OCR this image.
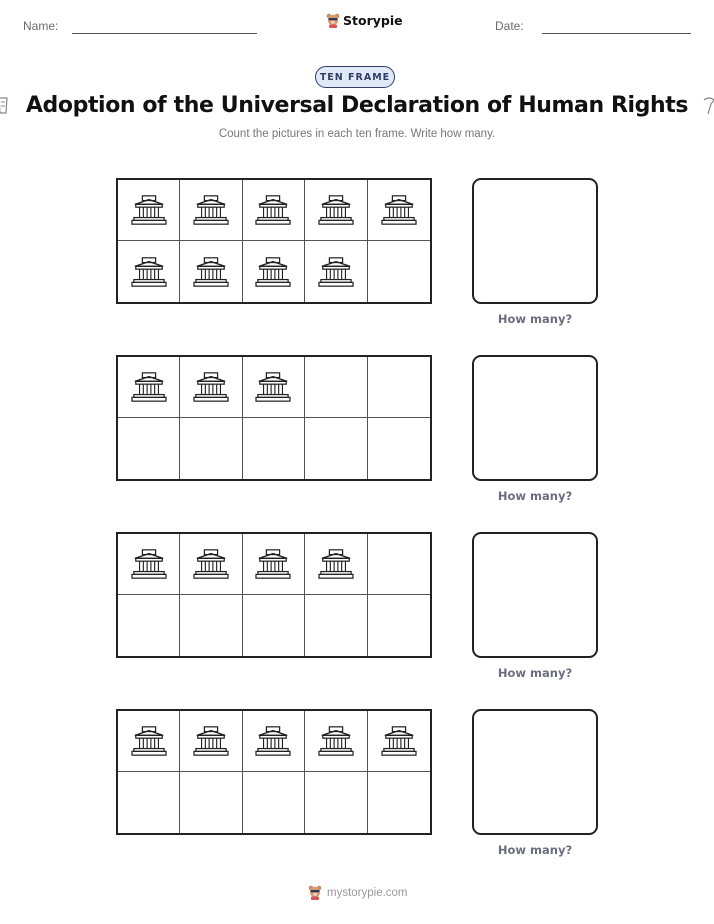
Name:	Storypie	Date:
TEN FRAME
Adoption of the Universal Declaration of Human Rights
Count the pictures in each ten frame. Write how many.
How many?
How many?
How many?
How many?
mystorypie.com
